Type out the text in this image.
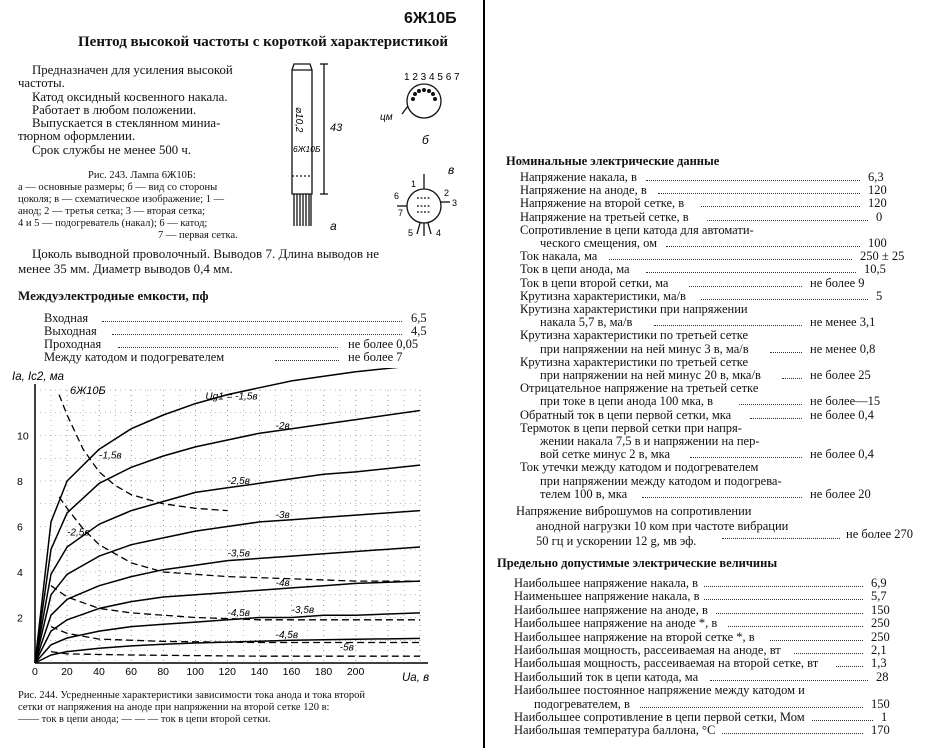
6Ж10Б
Пентод высокой частоты с короткой характеристикой
Предназначен для усиления высокой
частоты.
Катод оксидный косвенного накала.
Работает в любом положении.
Выпускается в стеклянном миниа-
тюрном оформлении.
Срок службы не менее 500 ч.
⌀10,2 43
6Ж10Б
1 2 3 4 5 6 7
цм
а
б
в
1
2
3
4
5
6
7
Рис. 243. Лампа 6Ж10Б:
а — основные размеры; б — вид со стороны
цоколя; в — схематическое изображение; 1 —
анод; 2 — третья сетка; 3 — вторая сетка;
4 и 5 — подогреватель (накал); 6 — катод;
7 — первая сетка.
Цоколь выводной проволочный. Выводов 7. Длина выводов не
менее 35 мм. Диаметр выводов 0,4 мм.
Междуэлектродные емкости, пф
Входная	6,5
Выходная	4,5
Проходная	не более 0,05
Между катодом и подогревателем	не более 7
0 20 40 60 80 100 120 140 160 180 200
2
4
6
8
10
Ia, Ic2, ма
Ua, в
6Ж10Б
Ug1 = -1,5в
-2в
-2,5в
-3в
-3,5в
-4в
-4,5в
-1,5в
-2,5в
-3,5в
-4,5в
-5в
Рис. 244. Усредненные характеристики зависимости тока анода и тока второй
сетки от напряжения на аноде при напряжении на второй сетке 120 в:
—— ток в цепи анода; — — — ток в цепи второй сетки.
Номинальные электрические данные
Напряжение накала, в	6,3
Напряжение на аноде, в	120
Напряжение на второй сетке, в	120
Напряжение на третьей сетке, в	0
Сопротивление в цепи катода для автомати-
ческого смещения, ом	100
Ток накала, ма	250 ± 25
Ток в цепи анода, ма	10,5
Ток в цепи второй сетки, ма	не более 9
Крутизна характеристики, ма/в	5
Крутизна характеристики при напряжении
накала 5,7 в, ма/в	не менее 3,1
Крутизна характеристики по третьей сетке
при напряжении на ней минус 3 в, ма/в	не менее 0,8
Крутизна характеристики по третьей сетке
при напряжении на ней минус 20 в, мка/в	не более 25
Отрицательное напряжение на третьей сетке
при токе в цепи анода 100 мка, в	не более—15
Обратный ток в цепи первой сетки, мка	не более 0,4
Термоток в цепи первой сетки при напря-
жении накала 7,5 в и напряжении на пер-
вой сетке минус 2 в, мка	не более 0,4
Ток утечки между катодом и подогревателем
при напряжении между катодом и подогрева-
телем 100 в, мка	не более 20
Напряжение виброшумов на сопротивлении
анодной нагрузки 10 ком при частоте вибрации
50 гц и ускорении 12 g, мв эф.	не более 270
Предельно допустимые электрические величины
Наибольшее напряжение накала, в	6,9
Наименьшее напряжение накала, в	5,7
Наибольшее напряжение на аноде, в	150
Наибольшее напряжение на аноде *, в	250
Наибольшее напряжение на второй сетке *, в	250
Наибольшая мощность, рассеиваемая на аноде, вт	2,1
Наибольшая мощность, рассеиваемая на второй сетке, вт	1,3
Наибольший ток в цепи катода, ма	28
Наибольшее постоянное напряжение между катодом и
подогревателем, в	150
Наибольшее сопротивление в цепи первой сетки, Мом	1
Наибольшая температура баллона, °С	170
